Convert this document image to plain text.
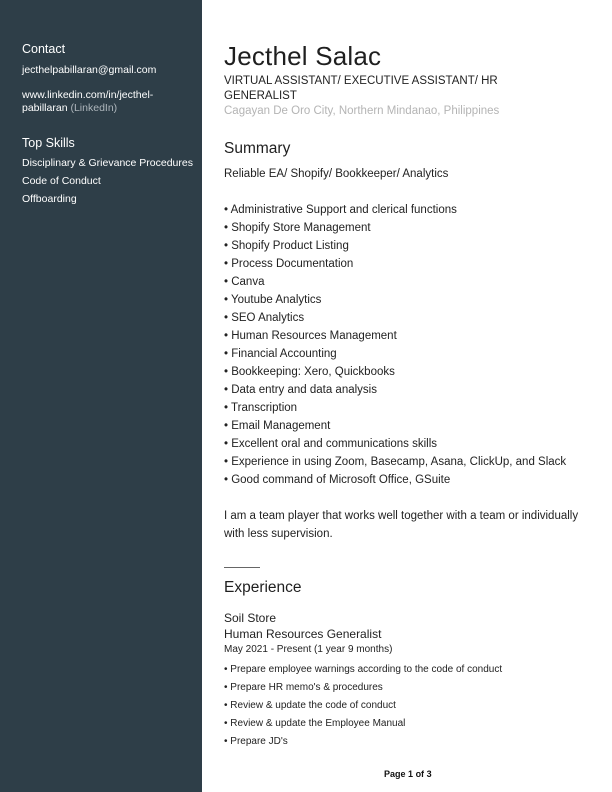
Contact
jecthelpabillaran@gmail.com
www.linkedin.com/in/jecthel-
pabillaran (LinkedIn)
Top Skills
Disciplinary & Grievance Procedures
Code of Conduct
Offboarding
Jecthel Salac
VIRTUAL ASSISTANT/ EXECUTIVE ASSISTANT/ HR GENERALIST
Cagayan De Oro City, Northern Mindanao, Philippines
Summary
Reliable EA/ Shopify/ Bookkeeper/ Analytics
• Administrative Support and clerical functions
• Shopify Store Management
• Shopify Product Listing
• Process Documentation
• Canva
• Youtube Analytics
• SEO Analytics
• Human Resources Management
• Financial Accounting
• Bookkeeping: Xero, Quickbooks
• Data entry and data analysis
• Transcription
• Email Management
• Excellent oral and communications skills
• Experience in using Zoom, Basecamp, Asana, ClickUp, and Slack
• Good command of Microsoft Office, GSuite
I am a team player that works well together with a team or individually with less supervision.
Experience
Soil Store
Human Resources Generalist
May 2021 - Present (1 year 9 months)
• Prepare employee warnings according to the code of conduct
• Prepare HR memo's & procedures
• Review & update the code of conduct
• Review & update the Employee Manual
• Prepare JD's
Page 1 of 3
